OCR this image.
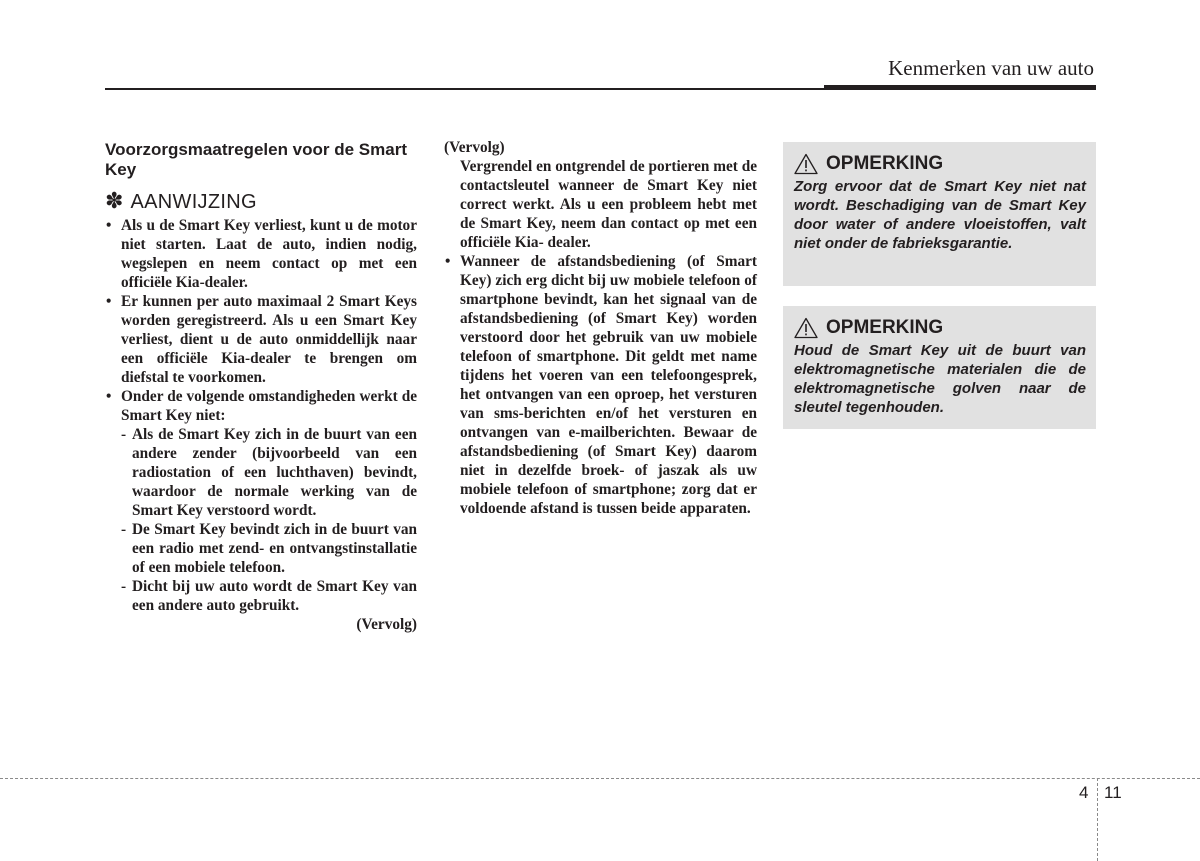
Kenmerken van uw auto
Voorzorgsmaatregelen voor de Smart Key
✽ AANWIJZING
• Als u de Smart Key verliest, kunt u de motor niet starten. Laat de auto, indien nodig, wegslepen en neem contact op met een officiële Kia-dealer.
• Er kunnen per auto maximaal 2 Smart Keys worden geregistreerd. Als u een Smart Key verliest, dient u de auto onmiddellijk naar een officiële Kia-dealer te brengen om diefstal te voorkomen.
• Onder de volgende omstandigheden werkt de Smart Key niet:
- Als de Smart Key zich in de buurt van een andere zender (bijvoorbeeld van een radiostation of een luchthaven) bevindt, waardoor de normale werking van de Smart Key verstoord wordt.
- De Smart Key bevindt zich in de buurt van een radio met zend- en ontvangstinstallatie of een mobiele telefoon.
- Dicht bij uw auto wordt de Smart Key van een andere auto gebruikt.
(Vervolg)
(Vervolg)
Vergrendel en ontgrendel de portieren met de contactsleutel wanneer de Smart Key niet correct werkt. Als u een probleem hebt met de Smart Key, neem dan contact op met een officiële Kia- dealer.
• Wanneer de afstandsbediening (of Smart Key) zich erg dicht bij uw mobiele telefoon of smartphone bevindt, kan het signaal van de afstandsbediening (of Smart Key) worden verstoord door het gebruik van uw mobiele telefoon of smartphone. Dit geldt met name tijdens het voeren van een telefoongesprek, het ontvangen van een oproep, het versturen van sms-berichten en/of het versturen en ontvangen van e-mailberichten. Bewaar de afstandsbediening (of Smart Key) daarom niet in dezelfde broek- of jaszak als uw mobiele telefoon of smartphone; zorg dat er voldoende afstand is tussen beide apparaten.
OPMERKING
Zorg ervoor dat de Smart Key niet nat wordt. Beschadiging van de Smart Key door water of andere vloeistoffen, valt niet onder de fabrieksgarantie.
OPMERKING
Houd de Smart Key uit de buurt van elektromagnetische materialen die de elektromagnetische golven naar de sleutel tegenhouden.
4 11
